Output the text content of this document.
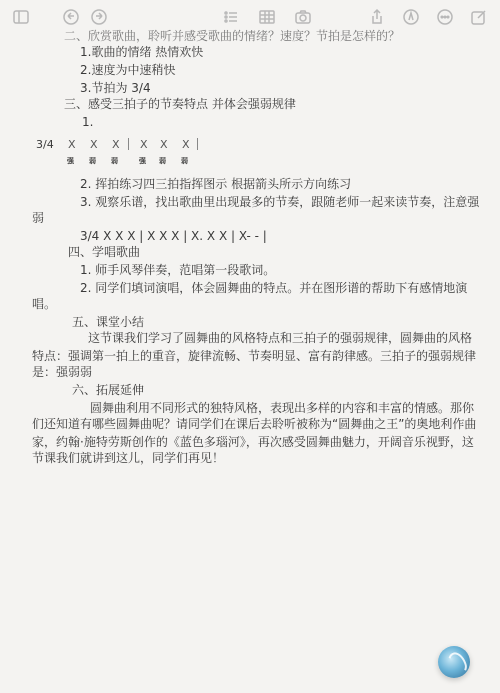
二、欣赏歌曲，聆听并感受歌曲的情绪？速度？节拍是怎样的？
1.歌曲的情绪 热情欢快
2.速度为中速稍快
3.节拍为 3/4
三、感受三拍子的节奏特点 并体会强弱规律
1.
3/4 X X X X X X
强 弱 弱	强 弱 弱
2. 挥拍练习四三拍指挥图示 根据箭头所示方向练习
3. 观察乐谱，找出歌曲里出现最多的节奏，跟随老师一起来读节奏，注意强
弱
3/4 X X X | X X X | X. X X | X- - |
四、学唱歌曲
1. 师手风琴伴奏，范唱第一段歌词。
2. 同学们填词演唱，体会圆舞曲的特点。并在图形谱的帮助下有感情地演
唱。
五、课堂小结
这节课我们学习了圆舞曲的风格特点和三拍子的强弱规律，圆舞曲的风格
特点：强调第一拍上的重音，旋律流畅、节奏明显、富有韵律感。三拍子的强弱规律
是：强弱弱
六、拓展延伸
圆舞曲利用不同形式的独特风格，表现出多样的内容和丰富的情感。那你
们还知道有哪些圆舞曲呢？请同学们在课后去聆听被称为“圆舞曲之王”的奥地利作曲
家，约翰·施特劳斯创作的《蓝色多瑙河》，再次感受圆舞曲魅力，开阔音乐视野，这
节课我们就讲到这儿，同学们再见！
